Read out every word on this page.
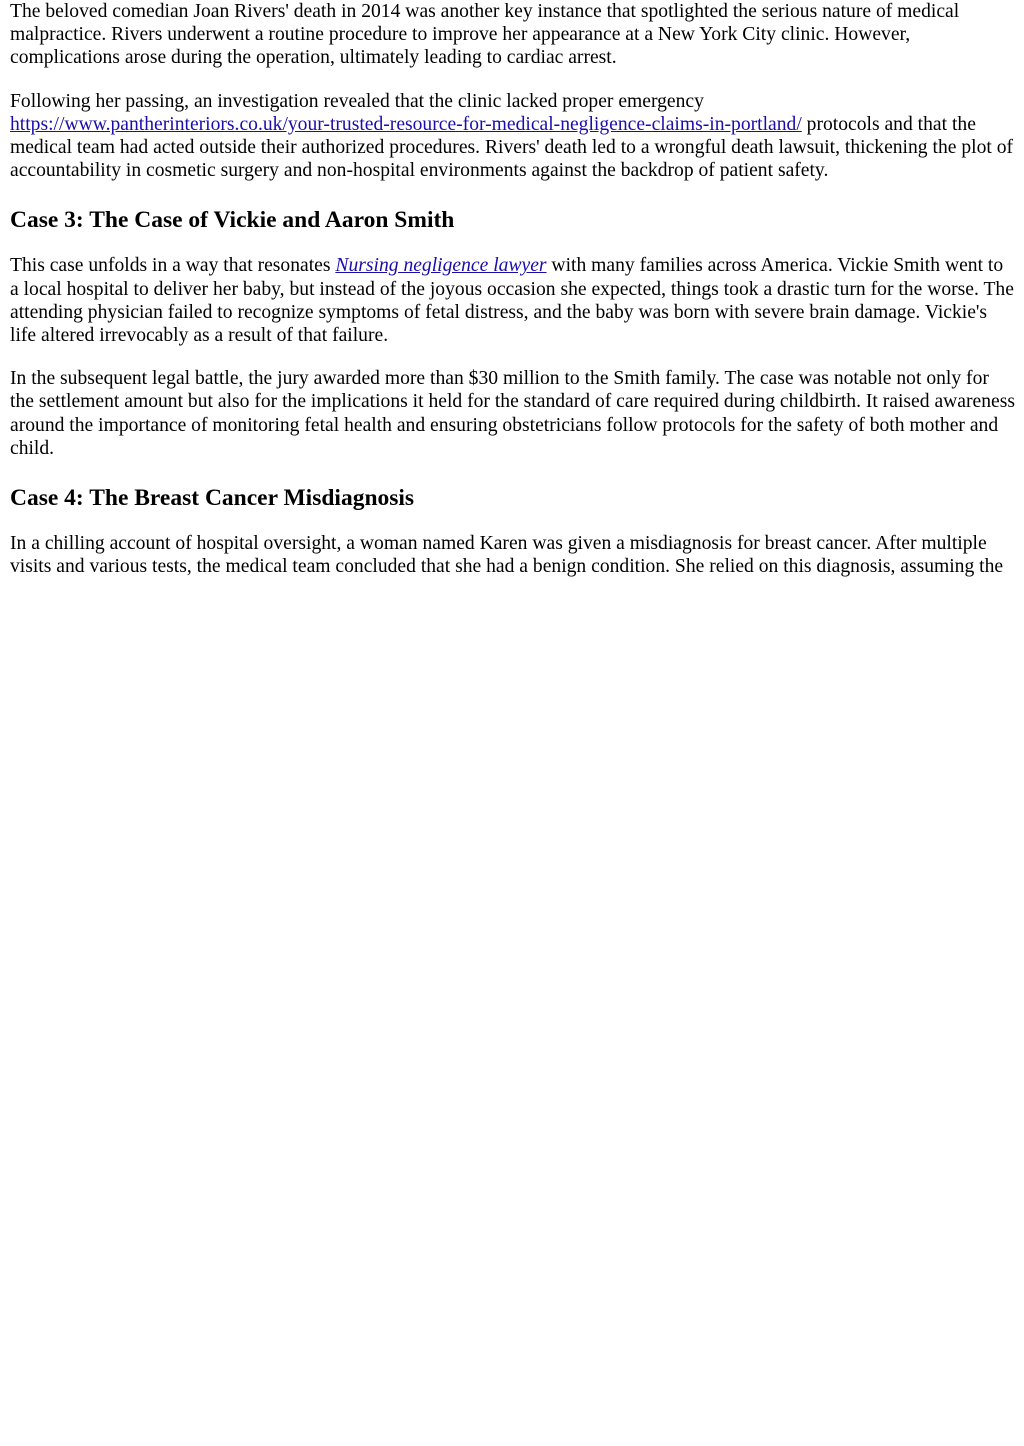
The beloved comedian Joan Rivers' death in 2014 was another key instance that spotlighted the serious nature of medical malpractice. Rivers underwent a routine procedure to improve her appearance at a New York City clinic. However, complications arose during the operation, ultimately leading to cardiac arrest.

Following her passing, an investigation revealed that the clinic lacked proper emergency https://www.pantherinteriors.co.uk/your-trusted-resource-for-medical-negligence-claims-in-portland/ protocols and that the medical team had acted outside their authorized procedures. Rivers' death led to a wrongful death lawsuit, thickening the plot of accountability in cosmetic surgery and non-hospital environments against the backdrop of patient safety.

Case 3: The Case of Vickie and Aaron Smith

This case unfolds in a way that resonates Nursing negligence lawyer with many families across America. Vickie Smith went to a local hospital to deliver her baby, but instead of the joyous occasion she expected, things took a drastic turn for the worse. The attending physician failed to recognize symptoms of fetal distress, and the baby was born with severe brain damage. Vickie's life altered irrevocably as a result of that failure.

In the subsequent legal battle, the jury awarded more than $30 million to the Smith family. The case was notable not only for the settlement amount but also for the implications it held for the standard of care required during childbirth. It raised awareness around the importance of monitoring fetal health and ensuring obstetricians follow protocols for the safety of both mother and child.

Case 4: The Breast Cancer Misdiagnosis

In a chilling account of hospital oversight, a woman named Karen was given a misdiagnosis for breast cancer. After multiple visits and various tests, the medical team concluded that she had a benign condition. She relied on this diagnosis, assuming the
